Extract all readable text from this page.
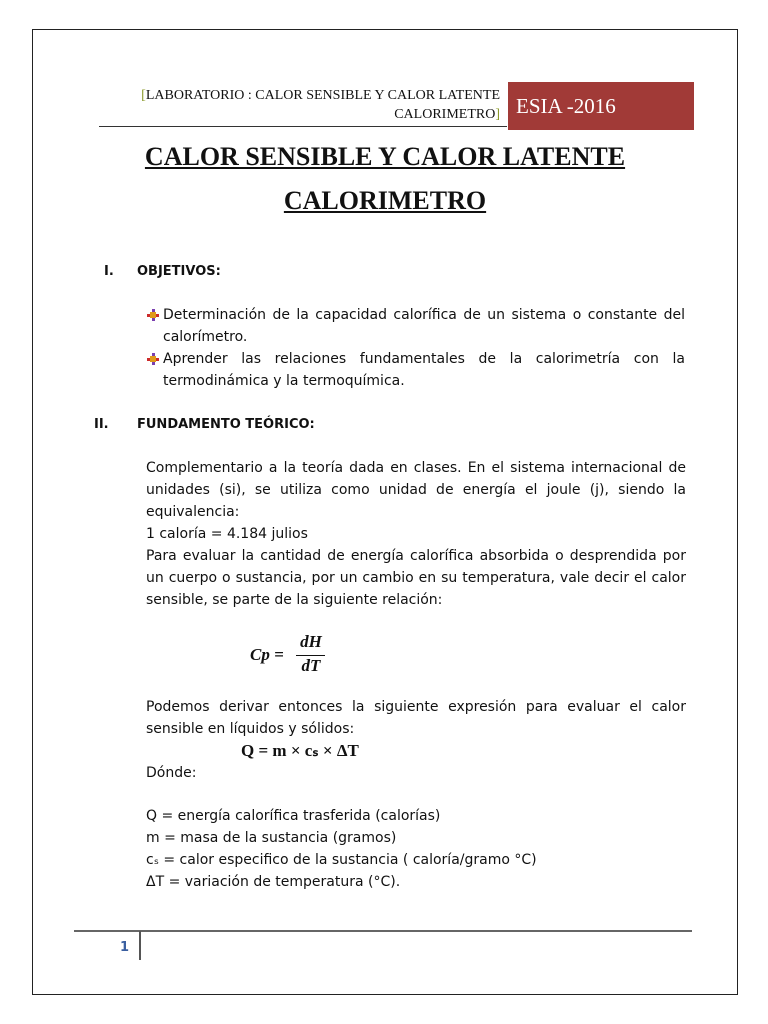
[LABORATORIO : CALOR SENSIBLE Y CALOR LATENTE
CALORIMETRO] ESIA -2016
CALOR SENSIBLE Y CALOR LATENTE
CALORIMETRO
I. OBJETIVOS:
Determinación de la capacidad calorífica de un sistema o constante del calorímetro.
Aprender las relaciones fundamentales de la calorimetría con la termodinámica y la termoquímica.
II. FUNDAMENTO TEÓRICO:
Complementario a la teoría dada en clases. En el sistema internacional de unidades (si), se utiliza como unidad de energía el joule (j), siendo la equivalencia:
1 caloría = 4.184 julios
Para evaluar la cantidad de energía calorífica absorbida o desprendida por un cuerpo o sustancia, por un cambio en su temperatura, vale decir el calor sensible, se parte de la siguiente relación:
Cp =
dH
dT
Podemos derivar entonces la siguiente expresión para evaluar el calor sensible en líquidos y sólidos:
Q = m × cₛ × ΔT
Dónde:
Q = energía calorífica trasferida (calorías)
m = masa de la sustancia (gramos)
cₛ = calor especifico de la sustancia ( caloría/gramo °C)
ΔT = variación de temperatura (°C).
1
